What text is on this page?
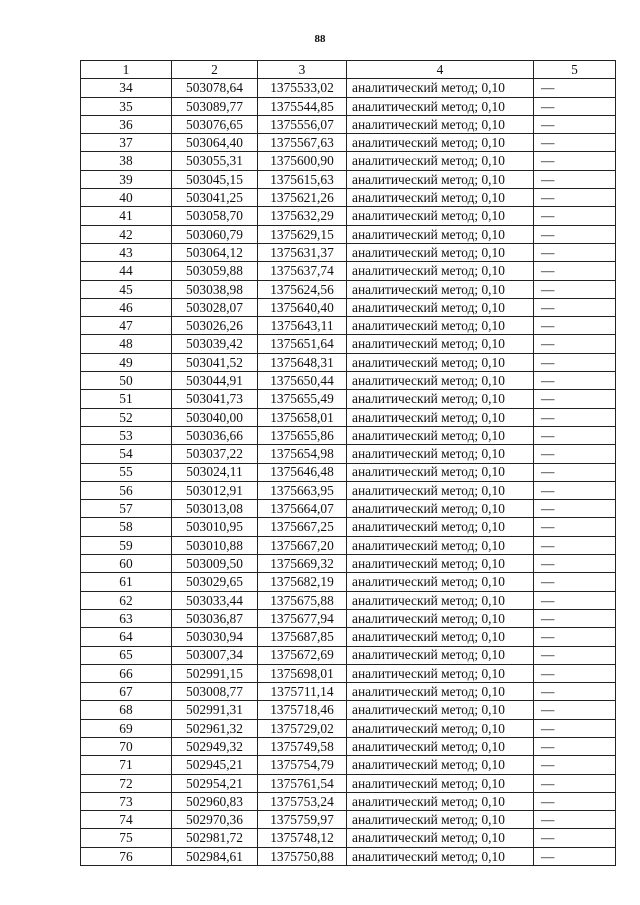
88
1	2	3	4	5
34	503078,64	1375533,02	аналитический метод; 0,10	—
35	503089,77	1375544,85	аналитический метод; 0,10	—
36	503076,65	1375556,07	аналитический метод; 0,10	—
37	503064,40	1375567,63	аналитический метод; 0,10	—
38	503055,31	1375600,90	аналитический метод; 0,10	—
39	503045,15	1375615,63	аналитический метод; 0,10	—
40	503041,25	1375621,26	аналитический метод; 0,10	—
41	503058,70	1375632,29	аналитический метод; 0,10	—
42	503060,79	1375629,15	аналитический метод; 0,10	—
43	503064,12	1375631,37	аналитический метод; 0,10	—
44	503059,88	1375637,74	аналитический метод; 0,10	—
45	503038,98	1375624,56	аналитический метод; 0,10	—
46	503028,07	1375640,40	аналитический метод; 0,10	—
47	503026,26	1375643,11	аналитический метод; 0,10	—
48	503039,42	1375651,64	аналитический метод; 0,10	—
49	503041,52	1375648,31	аналитический метод; 0,10	—
50	503044,91	1375650,44	аналитический метод; 0,10	—
51	503041,73	1375655,49	аналитический метод; 0,10	—
52	503040,00	1375658,01	аналитический метод; 0,10	—
53	503036,66	1375655,86	аналитический метод; 0,10	—
54	503037,22	1375654,98	аналитический метод; 0,10	—
55	503024,11	1375646,48	аналитический метод; 0,10	—
56	503012,91	1375663,95	аналитический метод; 0,10	—
57	503013,08	1375664,07	аналитический метод; 0,10	—
58	503010,95	1375667,25	аналитический метод; 0,10	—
59	503010,88	1375667,20	аналитический метод; 0,10	—
60	503009,50	1375669,32	аналитический метод; 0,10	—
61	503029,65	1375682,19	аналитический метод; 0,10	—
62	503033,44	1375675,88	аналитический метод; 0,10	—
63	503036,87	1375677,94	аналитический метод; 0,10	—
64	503030,94	1375687,85	аналитический метод; 0,10	—
65	503007,34	1375672,69	аналитический метод; 0,10	—
66	502991,15	1375698,01	аналитический метод; 0,10	—
67	503008,77	1375711,14	аналитический метод; 0,10	—
68	502991,31	1375718,46	аналитический метод; 0,10	—
69	502961,32	1375729,02	аналитический метод; 0,10	—
70	502949,32	1375749,58	аналитический метод; 0,10	—
71	502945,21	1375754,79	аналитический метод; 0,10	—
72	502954,21	1375761,54	аналитический метод; 0,10	—
73	502960,83	1375753,24	аналитический метод; 0,10	—
74	502970,36	1375759,97	аналитический метод; 0,10	—
75	502981,72	1375748,12	аналитический метод; 0,10	—
76	502984,61	1375750,88	аналитический метод; 0,10	—
